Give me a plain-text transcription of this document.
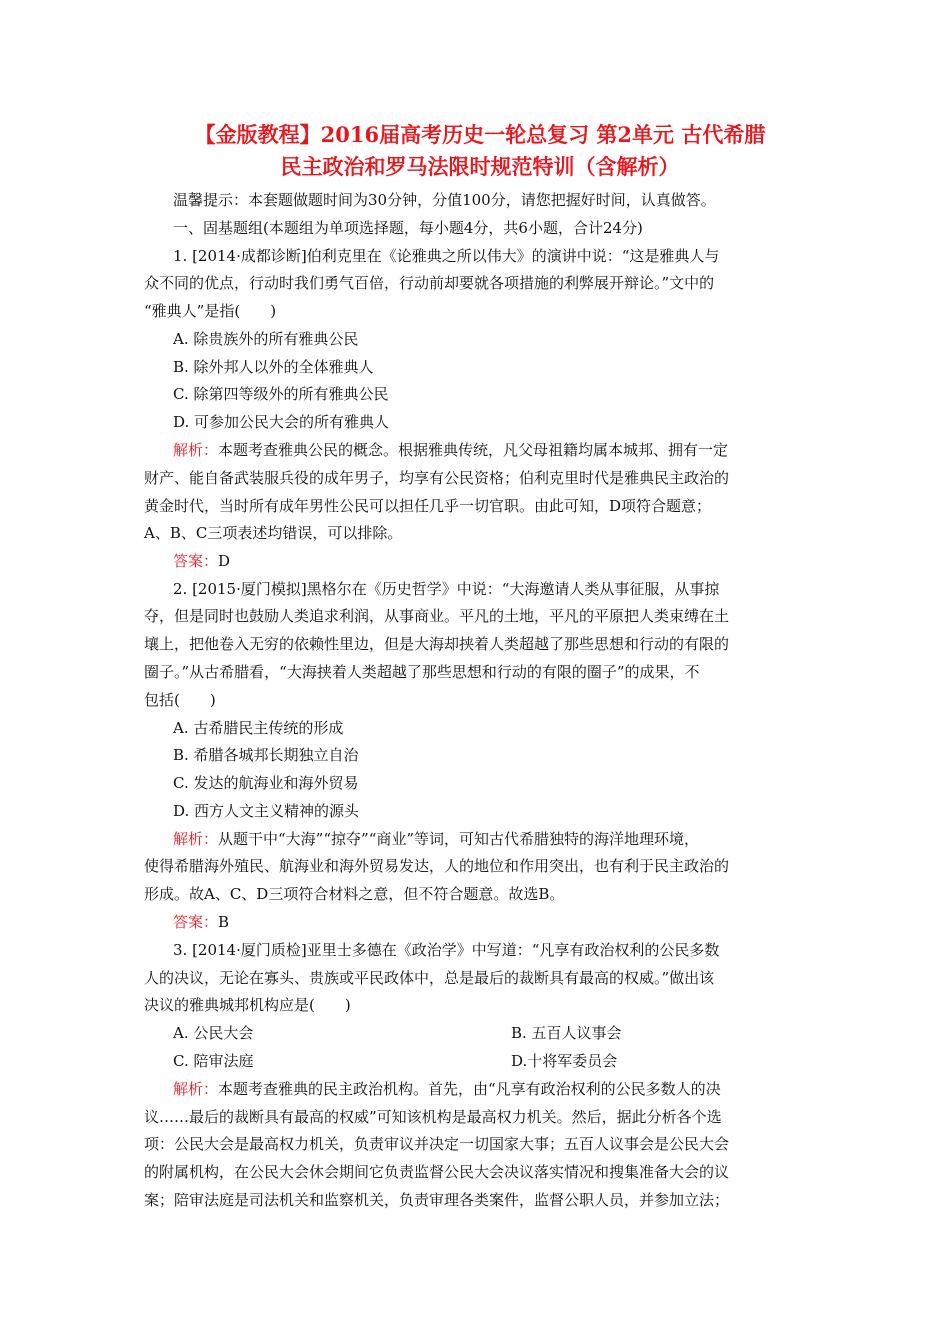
【金版教程】2016届高考历史一轮总复习 第2单元 古代希腊
民主政治和罗马法限时规范特训（含解析）
温馨提示：本套题做题时间为30分钟，分值100分，请您把握好时间，认真做答。
一、固基题组(本题组为单项选择题，每小题4分，共6小题，合计24分)
1. [2014·成都诊断]伯利克里在《论雅典之所以伟大》的演讲中说：“这是雅典人与
众不同的优点，行动时我们勇气百倍，行动前却要就各项措施的利弊展开辩论。”文中的
“雅典人”是指(　　)
A. 除贵族外的所有雅典公民
B. 除外邦人以外的全体雅典人
C. 除第四等级外的所有雅典公民
D. 可参加公民大会的所有雅典人
解析：本题考查雅典公民的概念。根据雅典传统，凡父母祖籍均属本城邦、拥有一定
财产、能自备武装服兵役的成年男子，均享有公民资格；伯利克里时代是雅典民主政治的
黄金时代，当时所有成年男性公民可以担任几乎一切官职。由此可知，D项符合题意；
A、B、C三项表述均错误，可以排除。
答案：D
2. [2015·厦门模拟]黑格尔在《历史哲学》中说：“大海邀请人类从事征服，从事掠
夺，但是同时也鼓励人类追求利润，从事商业。平凡的土地，平凡的平原把人类束缚在土
壤上，把他卷入无穷的依赖性里边，但是大海却挟着人类超越了那些思想和行动的有限的
圈子。”从古希腊看，“大海挟着人类超越了那些思想和行动的有限的圈子”的成果，不
包括(　　)
A. 古希腊民主传统的形成
B. 希腊各城邦长期独立自治
C. 发达的航海业和海外贸易
D. 西方人文主义精神的源头
解析：从题干中“大海”“掠夺”“商业”等词，可知古代希腊独特的海洋地理环境，
使得希腊海外殖民、航海业和海外贸易发达，人的地位和作用突出，也有利于民主政治的
形成。故A、C、D三项符合材料之意，但不符合题意。故选B。
答案：B
3. [2014·厦门质检]亚里士多德在《政治学》中写道：“凡享有政治权利的公民多数
人的决议，无论在寡头、贵族或平民政体中，总是最后的裁断具有最高的权威。”做出该
决议的雅典城邦机构应是(　　)
A. 公民大会	B. 五百人议事会
C. 陪审法庭	D.十将军委员会
解析：本题考查雅典的民主政治机构。首先，由“凡享有政治权利的公民多数人的决
议……最后的裁断具有最高的权威”可知该机构是最高权力机关。然后，据此分析各个选
项：公民大会是最高权力机关，负责审议并决定一切国家大事；五百人议事会是公民大会
的附属机构，在公民大会休会期间它负责监督公民大会决议落实情况和搜集准备大会的议
案；陪审法庭是司法机关和监察机关，负责审理各类案件，监督公职人员，并参加立法；
